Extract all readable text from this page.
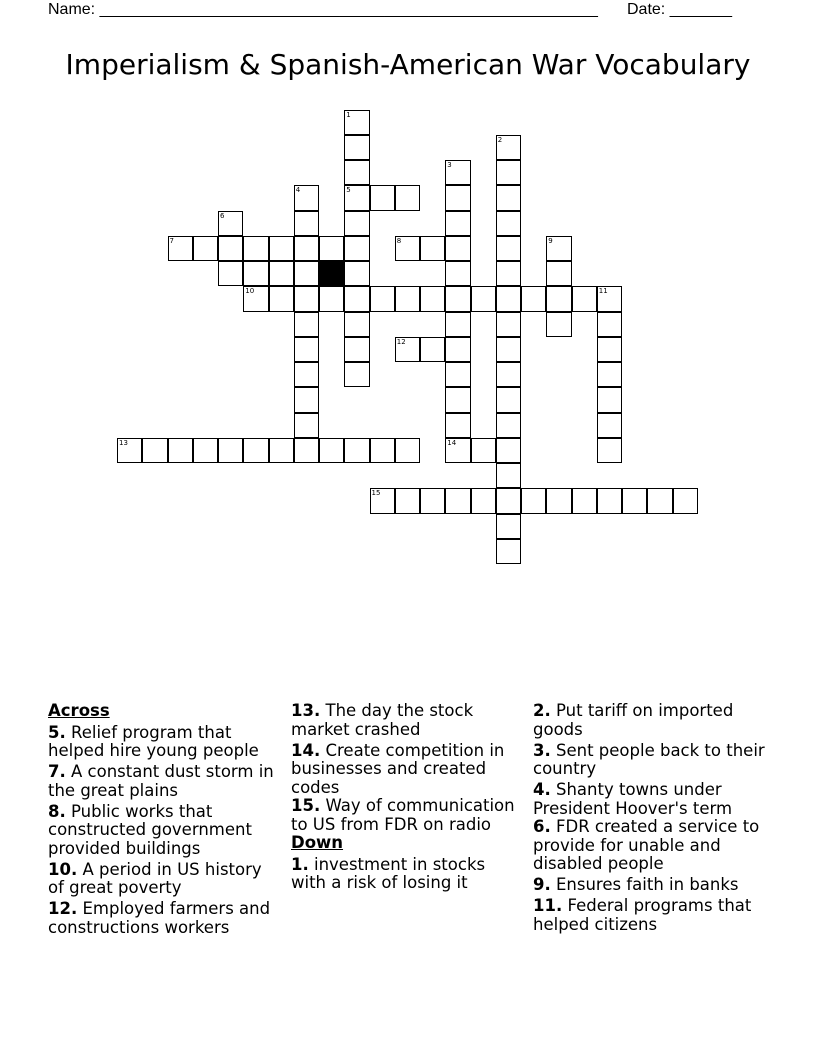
Name: ________________________________________________________ Date: _______
Imperialism & Spanish-American War Vocabulary
1
5
2
3
14
4
6
9
11
7	8
10
12
13
15
Across
5. Relief program that helped hire young people
7. A constant dust storm in the great plains
8. Public works that constructed government provided buildings
10. A period in US history of great poverty
12. Employed farmers and constructions workers
13. The day the stock market crashed
14. Create competition in businesses and created codes
15. Way of communication to US from FDR on radio
Down
1. investment in stocks with a risk of losing it
2. Put tariff on imported goods
3. Sent people back to their country
4. Shanty towns under President Hoover's term
6. FDR created a service to provide for unable and disabled people
9. Ensures faith in banks
11. Federal programs that helped citizens
